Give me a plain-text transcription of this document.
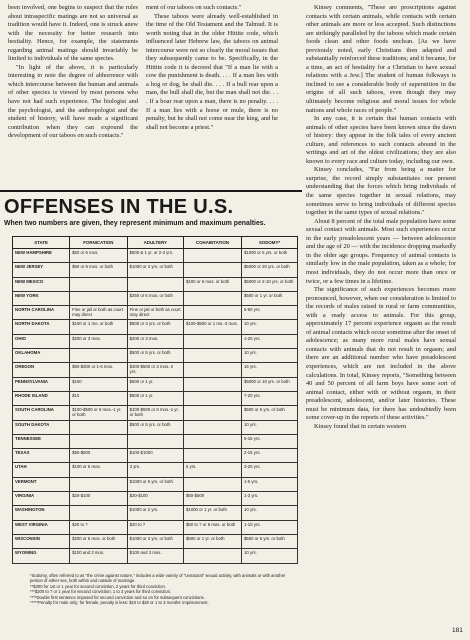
been involved, one begins to suspect that the rules about intraspecific matings are not so universal as tradition would have it. Indeed, one is struck anew with the necessity for better research into bestiality. Hence, for example, the statements regarding animal matings should invariably be limited to individuals of the same species.

"In light of the above, it is particularly interesting to note the degree of abhorrence with which intercourse between the human and animals of other species is viewed by most persons who have not had such experience. The biologist and the psychologist, and the anthropologist and the student of history, will have made a significant contribution when they can expound the development of our taboos on such contacts."

ment of our taboos on such contacts."

These taboos were already well-established in the time of the Old Testament and the Talmud. It is worth noting that in the older Hittite code, which influenced later Hebrew law, the taboos on animal intercourse were not so clearly the moral issues that they subsequently came to be. Specifically, in the Hittite code it is decreed that "If a man lie with a cow the punishment is death. . . . If a man lies with a hog or dog, he shall die. . . . If a bull rear upon a man, the bull shall die, but the man shall not die. . . . If a boar rear upon a man, there is no penalty. . . . If a man lies with a horse or mule, there is no penalty, but he shall not come near the king, and he shall not become a priest."

Kinsey comments, "These are proscriptions against contacts with certain animals, while contacts with certain other animals are more or less accepted. Such distinctions are strikingly paralleled by the taboos which made certain foods clean and other foods unclean. [As we have previously noted, early Christians then adapted and substantially reinforced these traditions; and it became, for a time, an act of bestiality for a Christian to have sexual relations with a Jew.] The student of human folkways is inclined to see a considerable body of superstition in the origins of all such taboos, even though they may ultimately become religious and moral issues for whole nations and whole races of people."

In any case, it is certain that human contacts with animals of other species have been known since the dawn of history: they appear in the folk tales of every ancient culture, and references to such contacts abound in the writings and art of the oldest civilizations; they are also known to every race and culture today, including our own.

Kinsey concludes, "Far from being a matter for surprise, the record simply substantiates our present understanding that the forces which bring individuals of the same species together in sexual relations, may sometimes serve to bring individuals of different species together in the same types of sexual relations."

About 8 percent of the total male population have some sexual contact with animals. Most such experiences occur in the early preadolescent years — between adolescence and the age of 20 — with the incidence dropping markedly in the older age groups. Frequency of animal contacts is similarly low in the male population, taken as a whole; for most individuals, they do not occur more than once or twice, or a few times in a lifetime.

The significance of such experiences becomes more pronounced, however, when our consideration is limited to the records of males raised in rural or farm communities, with a ready access to animals. For this group, approximately 17 percent experience orgasm as the result of animal contacts which occur sometime after the onset of adolescence; as many more rural males have sexual contacts with animals that do not result in orgasm; and there are an additional number who have preadolescent experiences, which are not included in the above calculations. In total, Kinsey reports, "Something between 40 and 50 percent of all farm boys have some sort of animal contact, either with or without orgasm, in their preadolescent, adolescent, and/or later histories. These must be minimum data, for there has undoubtedly been some cover-up in the reports of these activities."

Kinsey found that in certain western

OFFENSES IN THE U.S.
When two numbers are given, they represent minimum and maximum penalties.
STATE	FORNICATION	ADULTERY	COHABITATION	SODOMY*
NEW HAMPSHIRE	$50 or 6 mos.	$500 & 1 yr. or 2-3 yrs.		$1000 or 5 yrs. or both
NEW JERSEY	$50 or 6 mos. or both	$1000 or 3 yrs. or both		$5000 or 20 yrs. or both
NEW MEXICO			$100 or 6 mos. or both	$5000 or 2-10 yrs. or both
NEW YORK		$250 or 6 mos. or both		$500 or 1 yr. or both
NORTH CAROLINA	Fine or jail or both as court may direct	Fine or jail or both as court may direct		5-60 yrs.
NORTH DAKOTA	$100 or 1 mo. or both	$500 or 3 yrs. or both	$100-$500 or 1 mo.-3 mos.	10 yrs.
OHIO	$200 or 3 mos.	$200 or 3 mos.		1-20 yrs.
OKLAHOMA		$500 or 5 yrs. or both		10 yrs.
OREGON	$50-$300 or 1-6 mos.	$300-$500 or 3 mos.-2 yrs.		15 yrs.
PENNSYLVANIA	$100	$500 or 1 yr.		$5000 or 10 yrs. or both
RHODE ISLAND	$10	$500 or 1 yr.		7-20 yrs.
SOUTH CAROLINA	$100-$500 or 6 mos.-1 yr. or both	$100-$500 or 6 mos.-1 yr. or both		$500 or 5 yrs. or both
SOUTH DAKOTA		$500 or 5 yrs. or both		10 yrs.
TENNESSEE				5-15 yrs.
TEXAS	$50-$500	$100-$1000		2-15 yrs.
UTAH	$100 or 6 mos.	3 yrs.	5 yrs.	3-20 yrs.
VERMONT		$1000 or 5 yrs. or both		1-5 yrs.
VIRGINIA	$20-$100	$20-$100	$50-$500	1-3 yrs.
WASHINGTON		$1000 or 2 yrs.	$1000 or 1 yr. or both	10 yrs.
WEST VIRGINIA	$20 to ?	$20 to ?	$50 to ? or 6 mos. or both	1-10 yrs.
WISCONSIN	$200 or 6 mos. or both	$1000 or 3 yrs. or both	$500 or 1 yr. or both	$500 or 5 yrs. or both
WYOMING	$100 and 3 mos.	$100 and 3 mos.		10 yrs.

*Sodomy, often referred to as "the crime against nature," includes a wide variety of "unnatural" sexual activity, with animals or with another person of either sex, both within and outside of marriage.

**$300 for 1st or 1 year for second conviction; 2 years for third conviction.

***$200 to 7 or 1 year for second conviction; 1 to 3 years for third conviction.

****Double first sentence imposed for second conviction and so on for subsequent convictions.

*****Penalty for male only; for female, penalty is less: $10 to $30 or 1 to 3 months' imprisonment.

181
